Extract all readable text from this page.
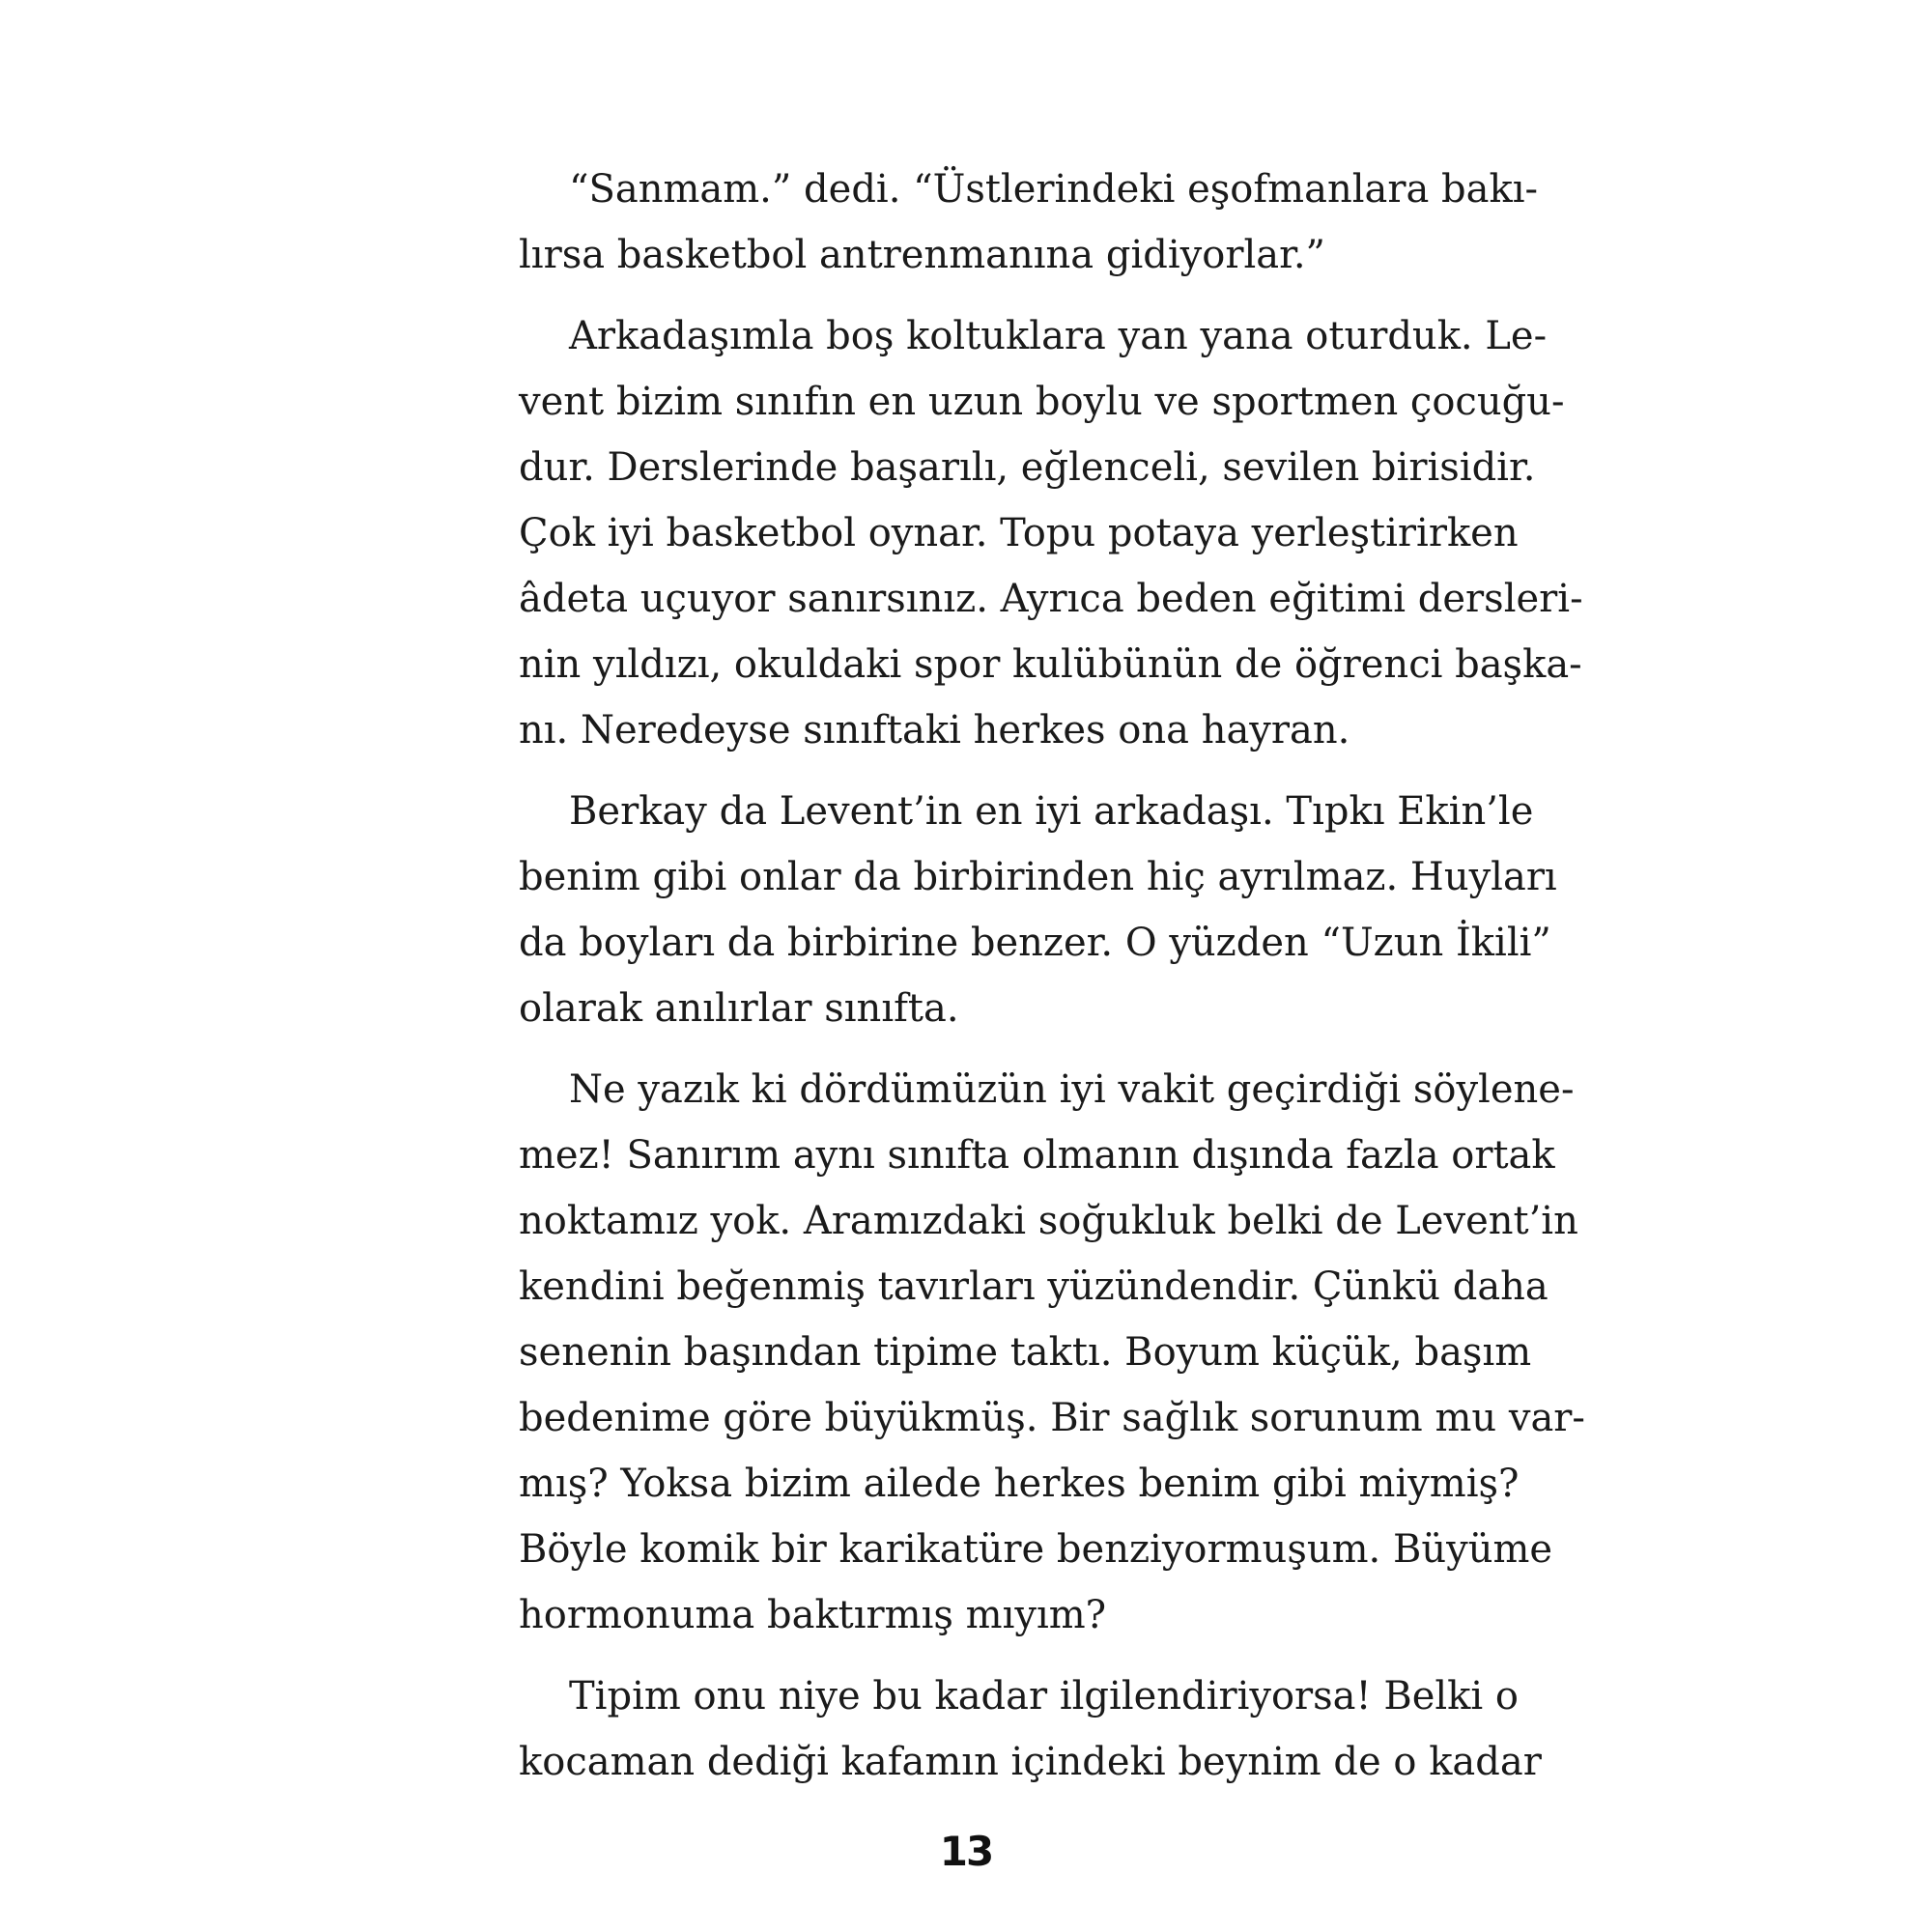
“Sanmam.” dedi. “Üstlerindeki eşofmanlara bakı-
lırsa basketbol antrenmanına gidiyorlar.”
Arkadaşımla boş koltuklara yan yana oturduk. Le-
vent bizim sınıfın en uzun boylu ve sportmen çocuğu-
dur. Derslerinde başarılı, eğlenceli, sevilen birisidir.
Çok iyi basketbol oynar. Topu potaya yerleştirirken
âdeta uçuyor sanırsınız. Ayrıca beden eğitimi dersleri-
nin yıldızı, okuldaki spor kulübünün de öğrenci başka-
nı. Neredeyse sınıftaki herkes ona hayran.
Berkay da Levent’in en iyi arkadaşı. Tıpkı Ekin’le
benim gibi onlar da birbirinden hiç ayrılmaz. Huyları
da boyları da birbirine benzer. O yüzden “Uzun İkili”
olarak anılırlar sınıfta.
Ne yazık ki dördümüzün iyi vakit geçirdiği söylene-
mez! Sanırım aynı sınıfta olmanın dışında fazla ortak
noktamız yok. Aramızdaki soğukluk belki de Levent’in
kendini beğenmiş tavırları yüzündendir. Çünkü daha
senenin başından tipime taktı. Boyum küçük, başım
bedenime göre büyükmüş. Bir sağlık sorunum mu var-
mış? Yoksa bizim ailede herkes benim gibi miymiş?
Böyle komik bir karikatüre benziyormuşum. Büyüme
hormonuma baktırmış mıyım?
Tipim onu niye bu kadar ilgilendiriyorsa! Belki o
kocaman dediği kafamın içindeki beynim de o kadar
13
